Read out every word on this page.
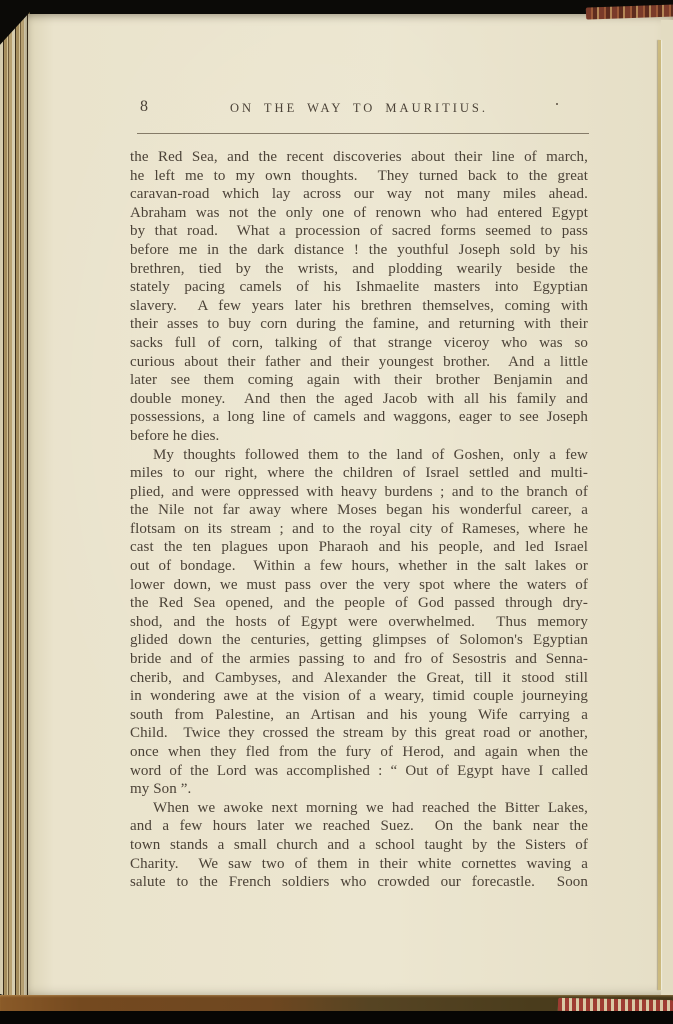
8	ON THE WAY TO MAURITIUS.
the Red Sea, and the recent discoveries about their line of march,
he left me to my own thoughts.  They turned back to the great
caravan-road which lay across our way not many miles ahead.
Abraham was not the only one of renown who had entered Egypt
by that road.  What a procession of sacred forms seemed to pass
before me in the dark distance ! the youthful Joseph sold by his
brethren, tied by the wrists, and plodding wearily beside the
stately pacing camels of his Ishmaelite masters into Egyptian
slavery.  A few years later his brethren themselves, coming with
their asses to buy corn during the famine, and returning with their
sacks full of corn, talking of that strange viceroy who was so
curious about their father and their youngest brother.  And a little
later see them coming again with their brother Benjamin and
double money.  And then the aged Jacob with all his family and
possessions, a long line of camels and waggons, eager to see Joseph
before he dies.
My thoughts followed them to the land of Goshen, only a few
miles to our right, where the children of Israel settled and multi-
plied, and were oppressed with heavy burdens ; and to the branch of
the Nile not far away where Moses began his wonderful career, a
flotsam on its stream ; and to the royal city of Rameses, where he
cast the ten plagues upon Pharaoh and his people, and led Israel
out of bondage.  Within a few hours, whether in the salt lakes or
lower down, we must pass over the very spot where the waters of
the Red Sea opened, and the people of God passed through dry-
shod, and the hosts of Egypt were overwhelmed.  Thus memory
glided down the centuries, getting glimpses of Solomon's Egyptian
bride and of the armies passing to and fro of Sesostris and Senna-
cherib, and Cambyses, and Alexander the Great, till it stood still
in wondering awe at the vision of a weary, timid couple journeying
south from Palestine, an Artisan and his young Wife carrying a
Child.  Twice they crossed the stream by this great road or another,
once when they fled from the fury of Herod, and again when the
word of the Lord was accomplished : “ Out of Egypt have I called
my Son ”.
When we awoke next morning we had reached the Bitter Lakes,
and a few hours later we reached Suez.  On the bank near the
town stands a small church and a school taught by the Sisters of
Charity.  We saw two of them in their white cornettes waving a
salute to the French soldiers who crowded our forecastle.  Soon
